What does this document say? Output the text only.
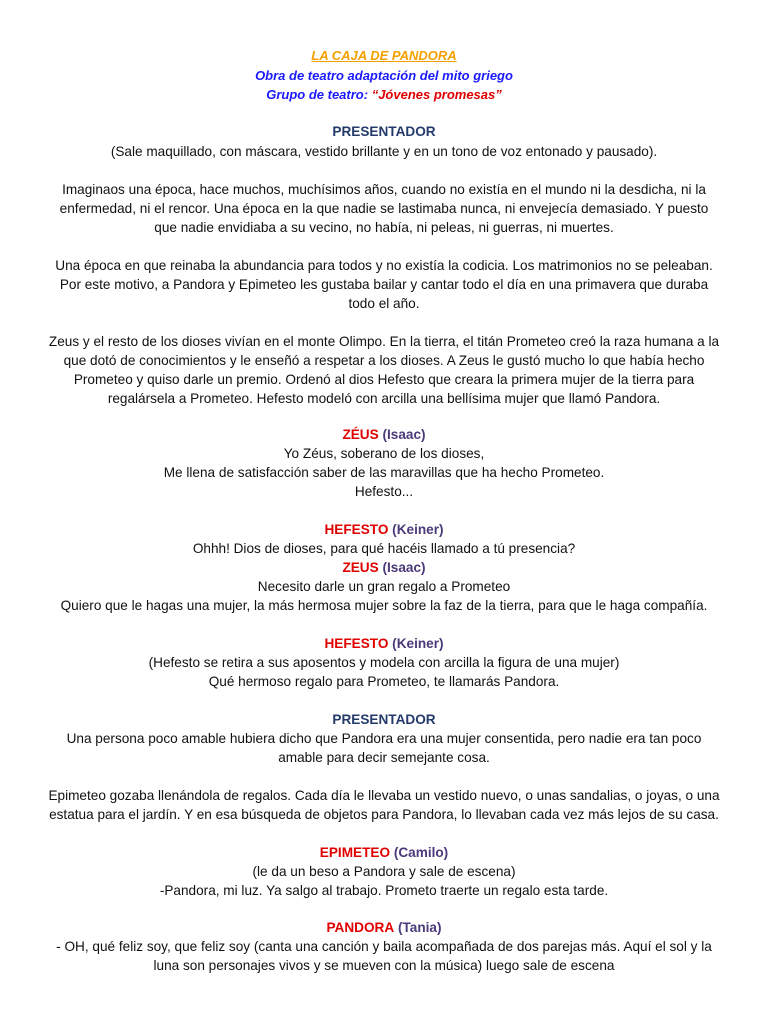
LA CAJA DE PANDORA
Obra de teatro adaptación del mito griego
Grupo de teatro: “Jóvenes promesas”
PRESENTADOR
(Sale maquillado, con máscara, vestido brillante y en un tono de voz entonado y pausado).
Imaginaos una época, hace muchos, muchísimos años, cuando no existía en el mundo ni la desdicha, ni la
enfermedad, ni el rencor. Una época en la que nadie se lastimaba nunca, ni envejecía demasiado. Y puesto
que nadie envidiaba a su vecino, no había, ni peleas, ni guerras, ni muertes.
Una época en que reinaba la abundancia para todos y no existía la codicia. Los matrimonios no se peleaban.
Por este motivo, a Pandora y Epimeteo les gustaba bailar y cantar todo el día en una primavera que duraba
todo el año.
Zeus y el resto de los dioses vivían en el monte Olimpo. En la tierra, el titán Prometeo creó la raza humana a la
que dotó de conocimientos y le enseñó a respetar a los dioses. A Zeus le gustó mucho lo que había hecho
Prometeo y quiso darle un premio. Ordenó al dios Hefesto que creara la primera mujer de la tierra para
regalársela a Prometeo. Hefesto modeló con arcilla una bellísima mujer que llamó Pandora.
ZÉUS (Isaac)
Yo Zéus, soberano de los dioses,
Me llena de satisfacción saber de las maravillas que ha hecho Prometeo.
Hefesto...
HEFESTO (Keiner)
Ohhh! Dios de dioses, para qué hacéis llamado a tú presencia?
ZEUS (Isaac)
Necesito darle un gran regalo a Prometeo
Quiero que le hagas una mujer, la más hermosa mujer sobre la faz de la tierra, para que le haga compañía.
HEFESTO (Keiner)
(Hefesto se retira a sus aposentos y modela con arcilla la figura de una mujer)
Qué hermoso regalo para Prometeo, te llamarás Pandora.
PRESENTADOR
Una persona poco amable hubiera dicho que Pandora era una mujer consentida, pero nadie era tan poco
amable para decir semejante cosa.
Epimeteo gozaba llenándola de regalos. Cada día le llevaba un vestido nuevo, o unas sandalias, o joyas, o una
estatua para el jardín. Y en esa búsqueda de objetos para Pandora, lo llevaban cada vez más lejos de su casa.
EPIMETEO (Camilo)
(le da un beso a Pandora y sale de escena)
-Pandora, mi luz. Ya salgo al trabajo. Prometo traerte un regalo esta tarde.
PANDORA (Tania)
- OH, qué feliz soy, que feliz soy (canta una canción y baila acompañada de dos parejas más. Aquí el sol y la
luna son personajes vivos y se mueven con la música) luego sale de escena
